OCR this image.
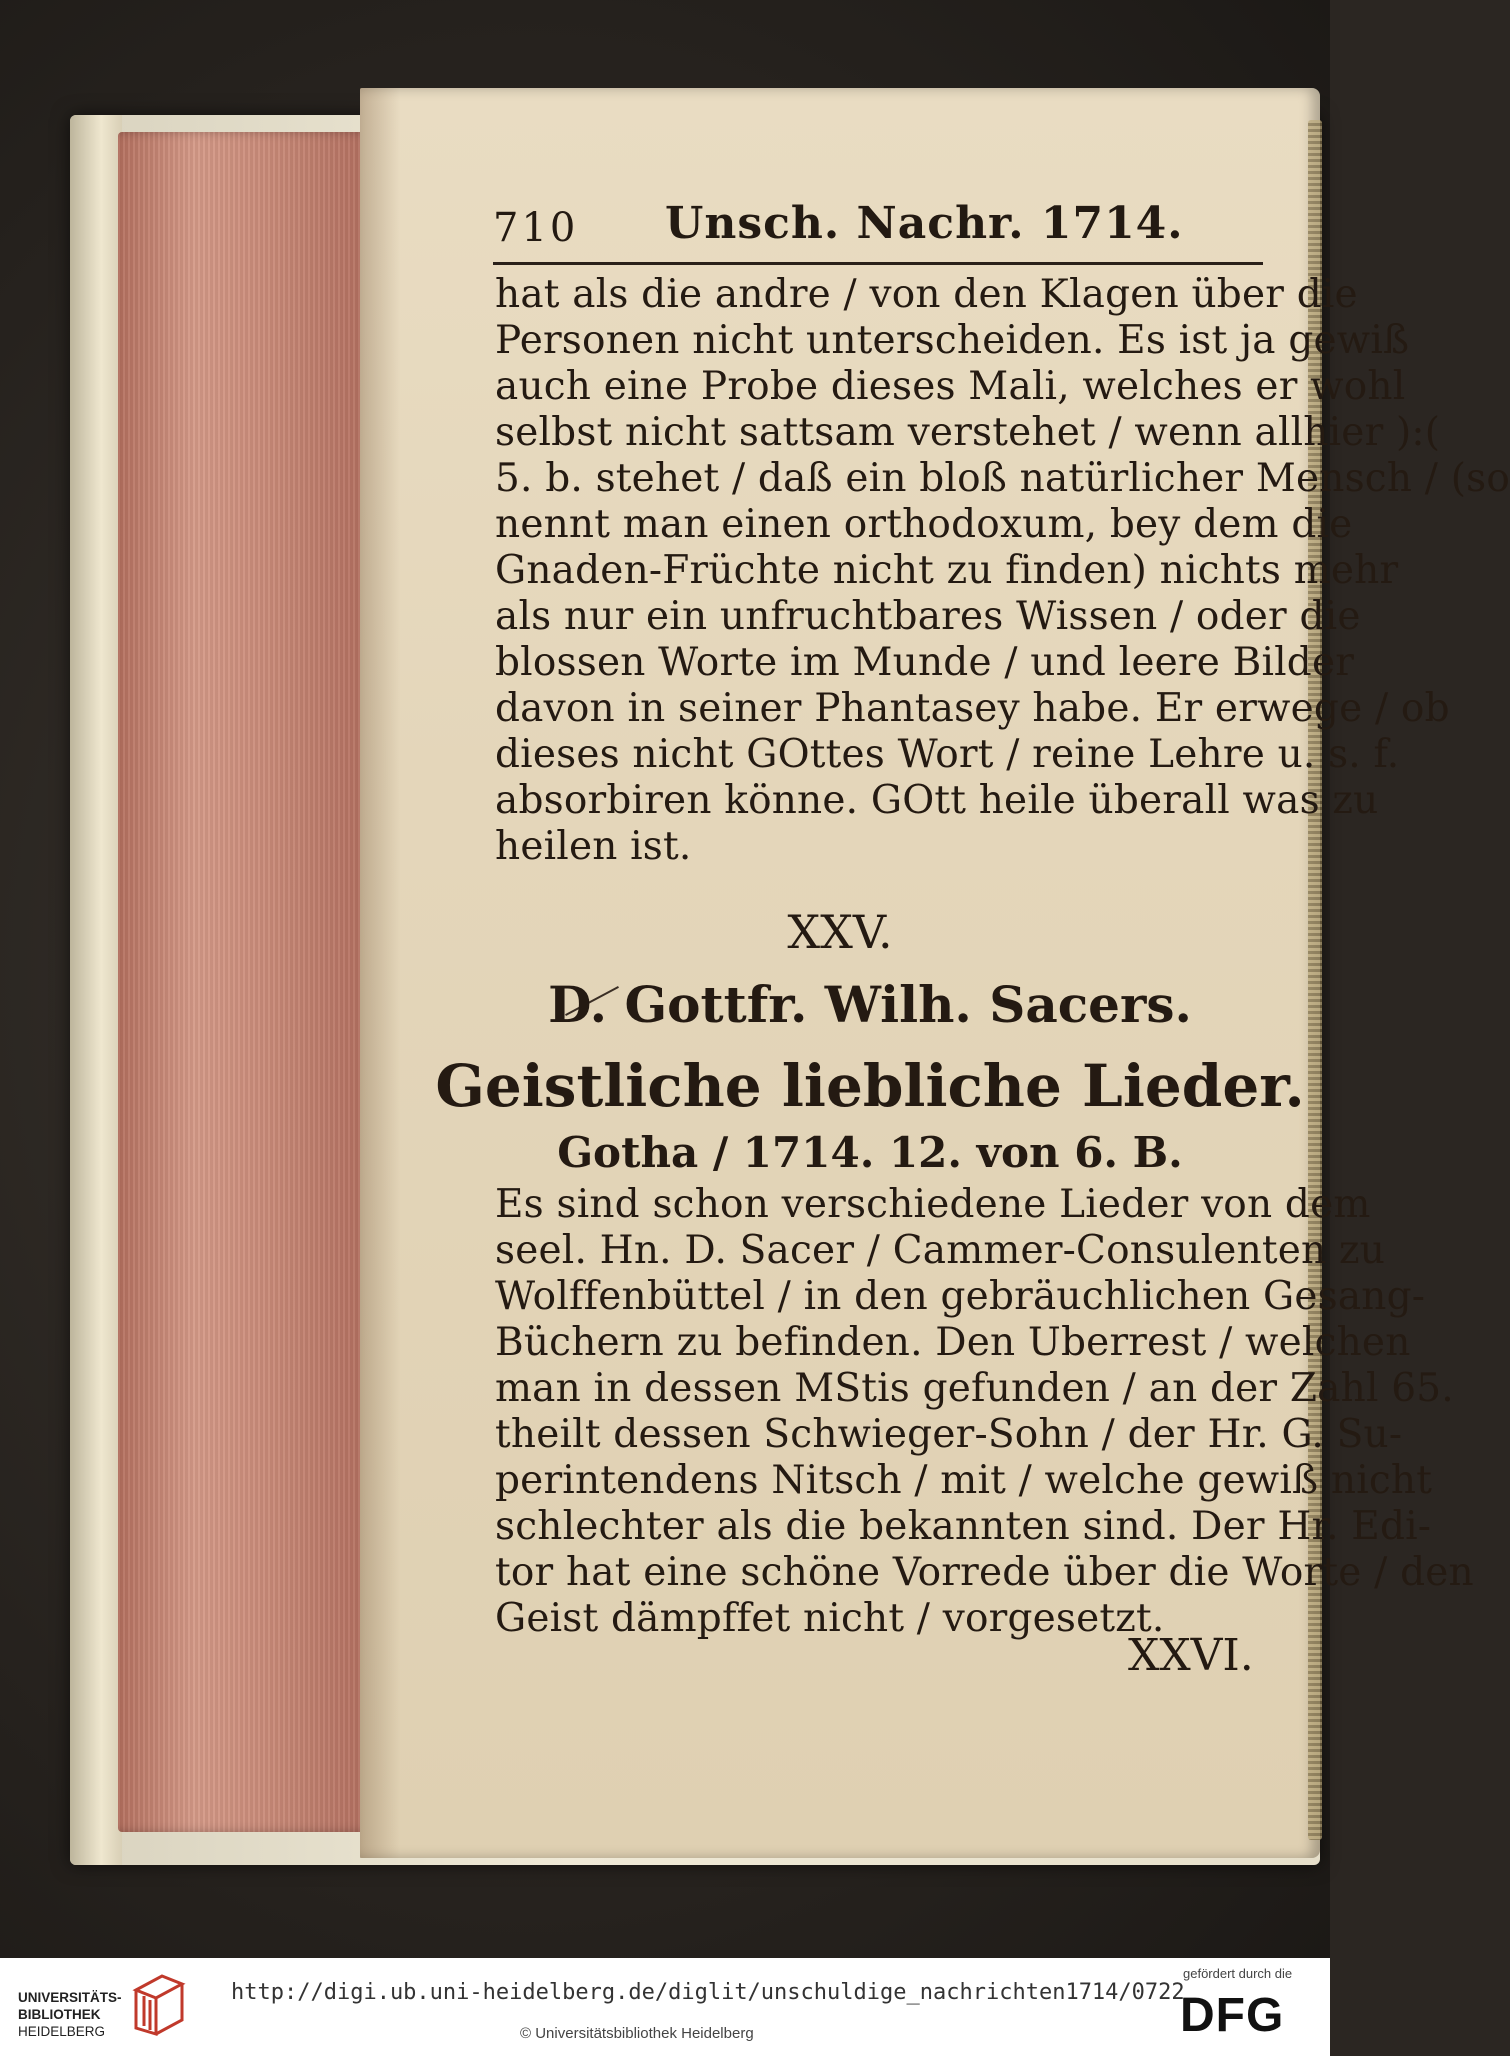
710 Unsch. Nachr. 1714.
hat als die andre / von den Klagen über die
Personen nicht unterscheiden. Es ist ja gewiß
auch eine Probe dieses Mali, welches er wohl
selbst nicht sattsam verstehet / wenn allhier ):(
5. b. stehet / daß ein bloß natürlicher Mensch / (so
nennt man einen orthodoxum, bey dem die
Gnaden-Früchte nicht zu finden) nichts mehr
als nur ein unfruchtbares Wissen / oder die
blossen Worte im Munde / und leere Bilder
davon in seiner Phantasey habe. Er erwege / ob
dieses nicht GOttes Wort / reine Lehre u. s. f.
absorbiren könne. GOtt heile überall was zu
heilen ist.
XXV.
D. Gottfr. Wilh. Sacers.
Geistliche liebliche Lieder.
Gotha / 1714. 12. von 6. B.
Es sind schon verschiedene Lieder von dem
seel. Hn. D. Sacer / Cammer-Consulenten zu
Wolffenbüttel / in den gebräuchlichen Gesang-
Büchern zu befinden. Den Uberrest / welchen
man in dessen MStis gefunden / an der Zahl 65.
theilt dessen Schwieger-Sohn / der Hr. G. Su-
perintendens Nitsch / mit / welche gewiß nicht
schlechter als die bekannten sind. Der Hr. Edi-
tor hat eine schöne Vorrede über die Worte / den
Geist dämpffet nicht / vorgesetzt.
XXVI.
UNIVERSITÄTS-
BIBLIOTHEK
HEIDELBERG
http://digi.ub.uni-heidelberg.de/diglit/unschuldige_nachrichten1714/0722
© Universitätsbibliothek Heidelberg
gefördert durch die
DFG
